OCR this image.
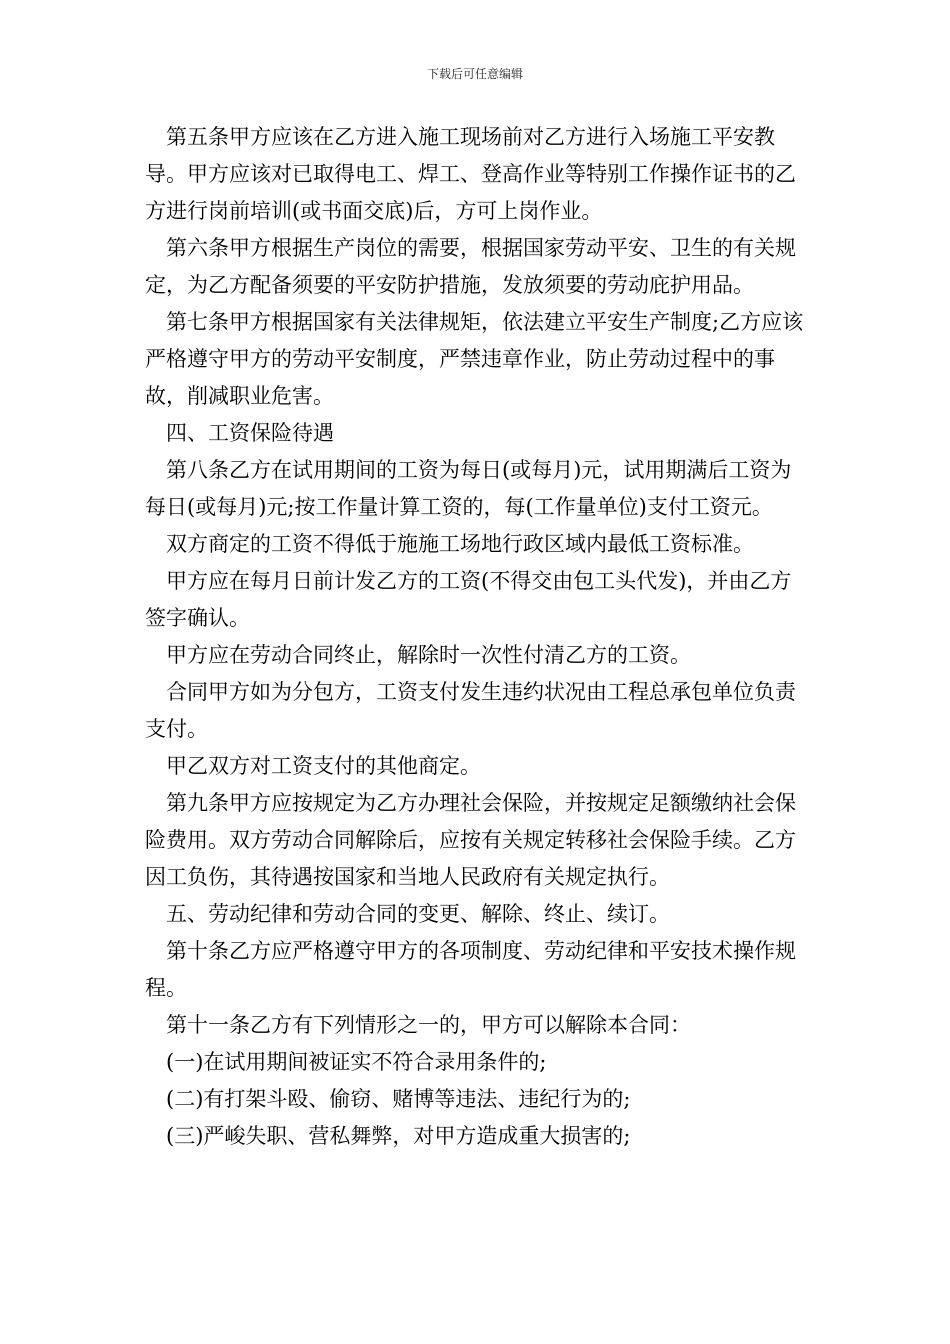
下载后可任意编辑

第五条甲方应该在乙方进入施工现场前对乙方进行入场施工平安教导。甲方应该对已取得电工、焊工、登高作业等特别工作操作证书的乙方进行岗前培训(或书面交底)后，方可上岗作业。

第六条甲方根据生产岗位的需要，根据国家劳动平安、卫生的有关规定，为乙方配备须要的平安防护措施，发放须要的劳动庇护用品。

第七条甲方根据国家有关法律规矩，依法建立平安生产制度;乙方应该严格遵守甲方的劳动平安制度，严禁违章作业，防止劳动过程中的事故，削减职业危害。

四、工资保险待遇

第八条乙方在试用期间的工资为每日(或每月)元，试用期满后工资为每日(或每月)元;按工作量计算工资的，每(工作量单位)支付工资元。

双方商定的工资不得低于施施工场地行政区域内最低工资标准。

甲方应在每月日前计发乙方的工资(不得交由包工头代发)，并由乙方签字确认。

甲方应在劳动合同终止，解除时一次性付清乙方的工资。

合同甲方如为分包方，工资支付发生违约状况由工程总承包单位负责支付。

甲乙双方对工资支付的其他商定。

第九条甲方应按规定为乙方办理社会保险，并按规定足额缴纳社会保险费用。双方劳动合同解除后，应按有关规定转移社会保险手续。乙方因工负伤，其待遇按国家和当地人民政府有关规定执行。

五、劳动纪律和劳动合同的变更、解除、终止、续订。

第十条乙方应严格遵守甲方的各项制度、劳动纪律和平安技术操作规程。

第十一条乙方有下列情形之一的，甲方可以解除本合同：

(一)在试用期间被证实不符合录用条件的;

(二)有打架斗殴、偷窃、赌博等违法、违纪行为的;

(三)严峻失职、营私舞弊，对甲方造成重大损害的;
